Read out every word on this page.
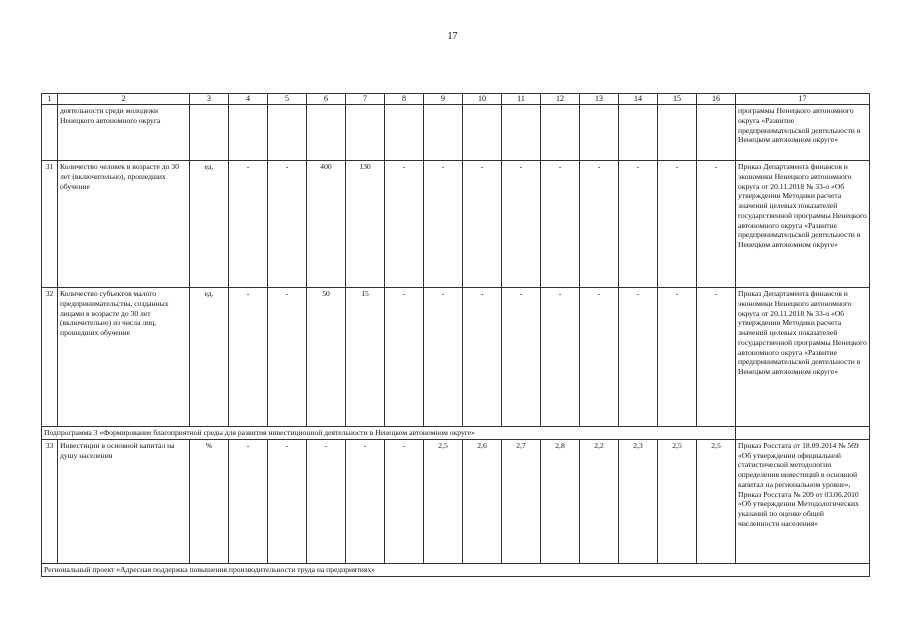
17
1	2	3	4	5	6	7	8	9	10	11	12	13	14	15	16	17
	деятельности среди молодежи Ненецкого автономного округа															программы Ненецкого автономного округа «Развитие предпринимательской деятельности в Ненецком автономном округе»
31	Количество человек в возрасте до 30 лет (включительно), прошедших обучение	ед.	-	-	400	130	-	-	-	-	-	-	-	-	-	Приказ Департамента финансов и экономики Ненецкого автономного округа от 20.11.2018 № 33-о «Об утверждении Методики расчета значений целевых показателей государственной программы Ненецкого автономного округа «Развитие предпринимательской деятельности в Ненецком автономном округе»
32	Количество субъектов малого предпринимательства, созданных лицами в возрасте до 30 лет (включительно) из числа лиц, прошедших обучение	ед.	-	-	50	15	-	-	-	-	-	-	-	-	-	Приказ Департамента финансов и экономики Ненецкого автономного округа от 20.11.2018 № 33-о «Об утверждении Методики расчета значений целевых показателей государственной программы Ненецкого автономного округа «Развитие предпринимательской деятельности в Ненецком автономном округе»
Подпрограмма 3 «Формирование благоприятной среды для развития инвестиционной деятельности в Ненецком автономном округе»																
33	Инвестиции в основной капитал на душу населения	%	-	-	-	-	-	2,5	2,6	2,7	2,8	2,2	2,3	2,5	2,5	Приказ Росстата от 18.09.2014 № 569 «Об утверждении официальной статистической методологии определения инвестиций в основной капитал на региональном уровне», Приказ Росстата № 209 от 03.06.2010 «Об утверждении Методологических указаний по оценке общей численности населения»
Региональный проект «Адресная поддержка повышения производительности труда на предприятиях»																
